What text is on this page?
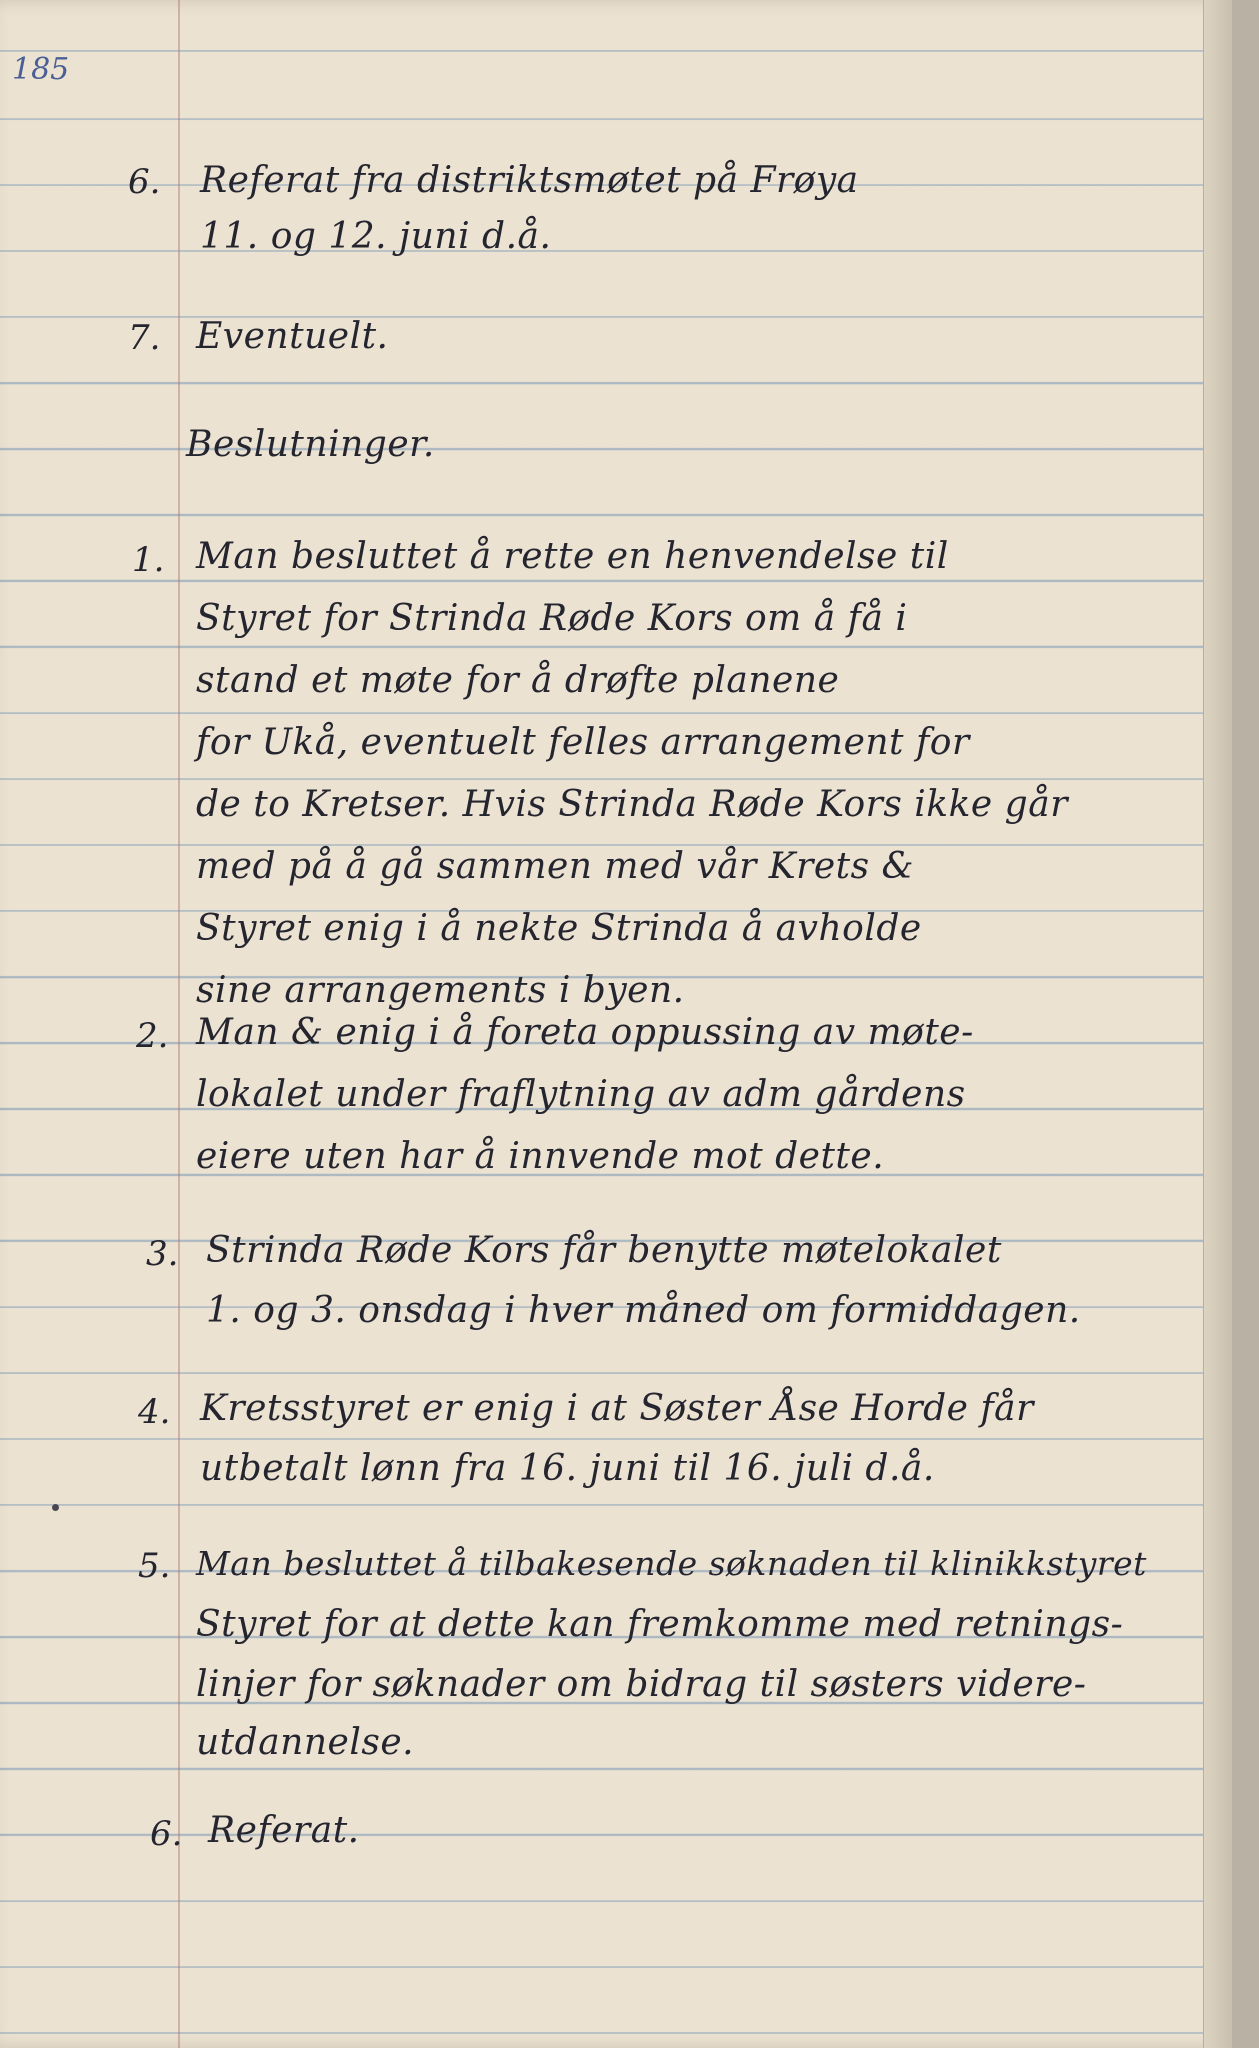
185
6. Referat fra distriktsmøtet på Frøya
11. og 12. juni d.å.
7. Eventuelt.
Beslutninger.
1. Man besluttet å rette en henvendelse til
Styret for Strinda Røde Kors om å få i
stand et møte for å drøfte planene
for Ukå, eventuelt felles arrangement for
de to Kretser. Hvis Strinda Røde Kors ikke går
med på å gå sammen med vår Krets &
Styret enig i å nekte Strinda å avholde
sine arrangements i byen.
2. Man & enig i å foreta oppussing av møte-
lokalet under fraflytning av adm gårdens
eiere uten har å innvende mot dette.
3. Strinda Røde Kors får benytte møtelokalet
1. og 3. onsdag i hver måned om formiddagen.
4. Kretsstyret er enig i at Søster Åse Horde får
utbetalt lønn fra 16. juni til 16. juli d.å.
5. Man besluttet å tilbakesende søknaden til klinikkstyret
Styret for at dette kan fremkomme med retnings-
linjer for søknader om bidrag til søsters videre-
utdannelse.
6. Referat.
